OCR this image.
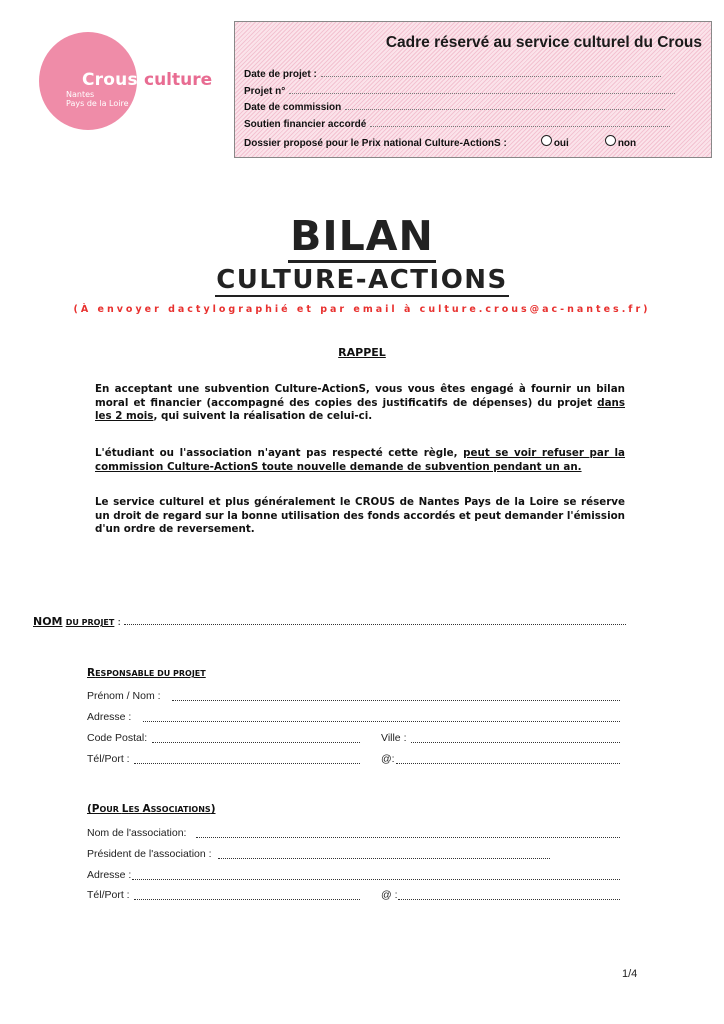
Crous culture
Nantes
Pays de la Loire
Cadre réservé au service culturel du Crous
Date de projet :
Projet n°
Date de commission
Soutien financier accordé
Dossier proposé pour le Prix national Culture-ActionS :	oui	non
BILAN
CULTURE-ACTIONS
(À envoyer dactylographié et par email à culture.crous@ac-nantes.fr)
RAPPEL
En acceptant une subvention Culture-ActionS, vous vous êtes engagé à fournir un bilan moral et financier (accompagné des copies des justificatifs de dépenses) du projet dans les 2 mois, qui suivent la réalisation de celui-ci.
L'étudiant ou l'association n'ayant pas respecté cette règle, peut se voir refuser par la commission Culture-ActionS toute nouvelle demande de subvention pendant un an.
Le service culturel et plus généralement le CROUS de Nantes Pays de la Loire se réserve un droit de regard sur la bonne utilisation des fonds accordés et peut demander l'émission d'un ordre de reversement.
NOM DU PROJET :
RESPONSABLE DU PROJET
Prénom / Nom :
Adresse :
Code Postal:	Ville :
Tél/Port :	@:
(POUR LES ASSOCIATIONS)
Nom de l'association:
Président de l'association :
Adresse :
Tél/Port :	@ :
1/4
